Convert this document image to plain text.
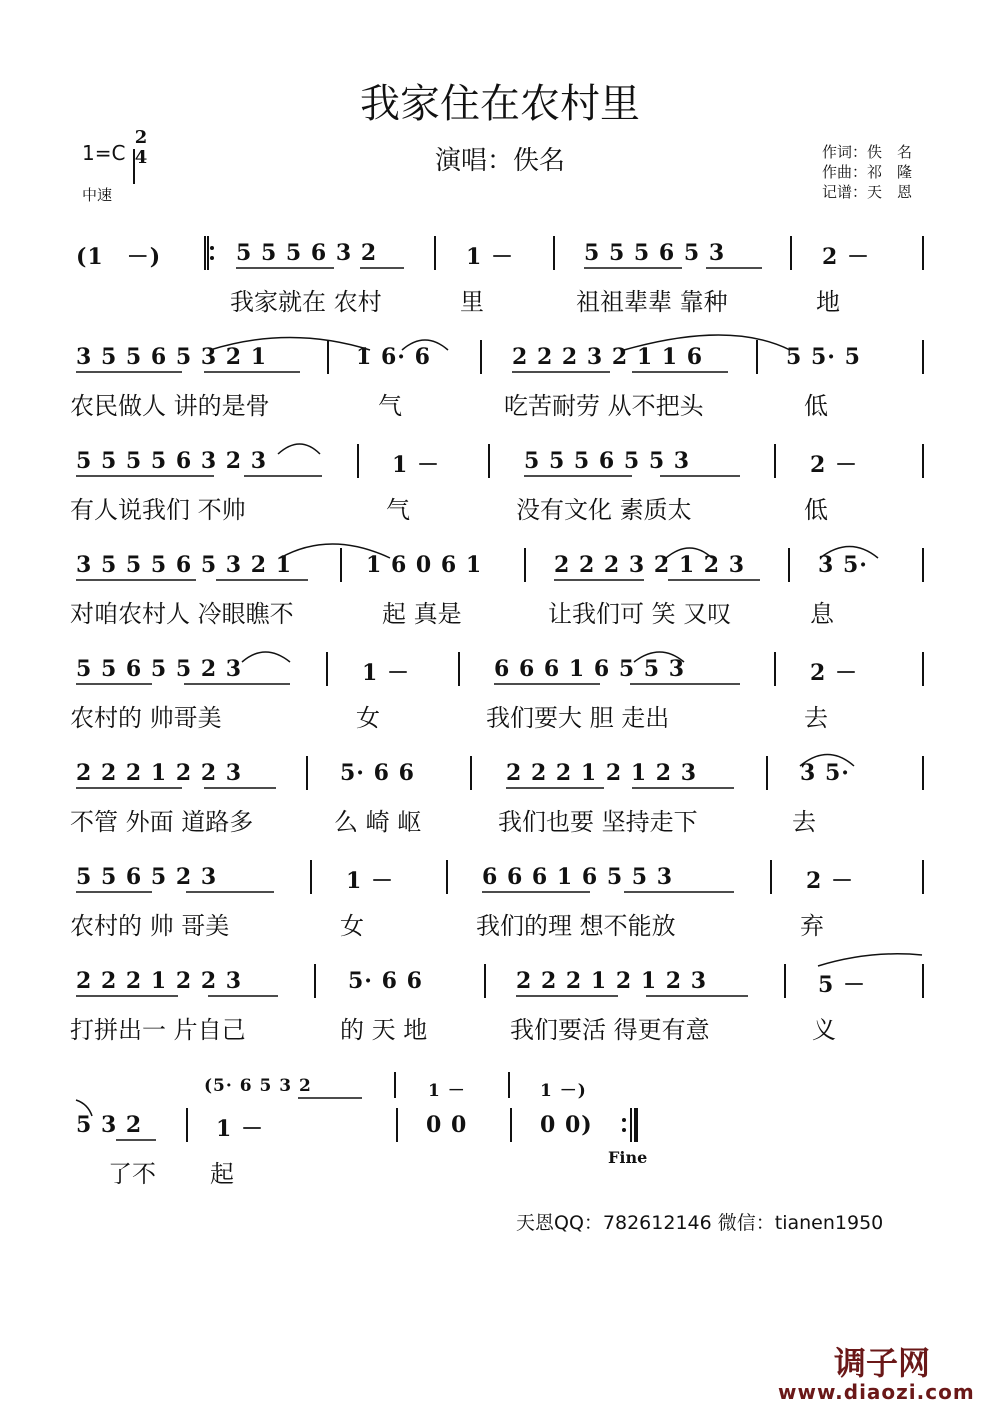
我家住在农村里
演唱：佚名
1=C
2
4
中速
作词：佚　名
作曲：祁　隆
记谱：天　恩
(1　－)	5 5 5 6 3 2	1 －	5 5 5 6 5 3	2 －
我家就在 农村	里	祖祖辈辈 靠种	地
3 5 5 6 5 3 2 1	1 6· 6	2 2 2 3 2 1 1 6	5 5· 5
农民做人 讲的是骨	气	吃苦耐劳 从不把头	低
5 5 5 5 6 3 2 3	1 －	5 5 5 6 5 5 3	2 －
有人说我们 不帅	气	没有文化 素质太	低
3 5 5 5 6 5 3 2 1	1 6 0 6 1	2 2 2 3 2 1 2 3	3 5·
对咱农村人 冷眼瞧不	起 真是	让我们可 笑 又叹	息
5 5 6 5 5 2 3	1 －	6 6 6 1 6 5 5 3	2 －
农村的 帅哥美	女	我们要大 胆 走出	去
2 2 2 1 2 2 3	5· 6 6	2 2 2 1 2 1 2 3	3 5·
不管 外面 道路多	么 崎 岖	我们也要 坚持走下	去
5 5 6 5 2 3	1 －	6 6 6 1 6 5 5 3	2 －
农村的 帅 哥美	女	我们的理 想不能放	弃
2 2 2 1 2 2 3	5· 6 6	2 2 2 1 2 1 2 3	5 －
打拼出一 片自己	的 天 地	我们要活 得更有意	义
(5· 6 5 3 2	1 －	1 －)
5 3 2	1 －	0 0	0 0)
了不 起
Fine
天恩QQ：782612146 微信：tianen1950
调子网
www.diaozi.com
